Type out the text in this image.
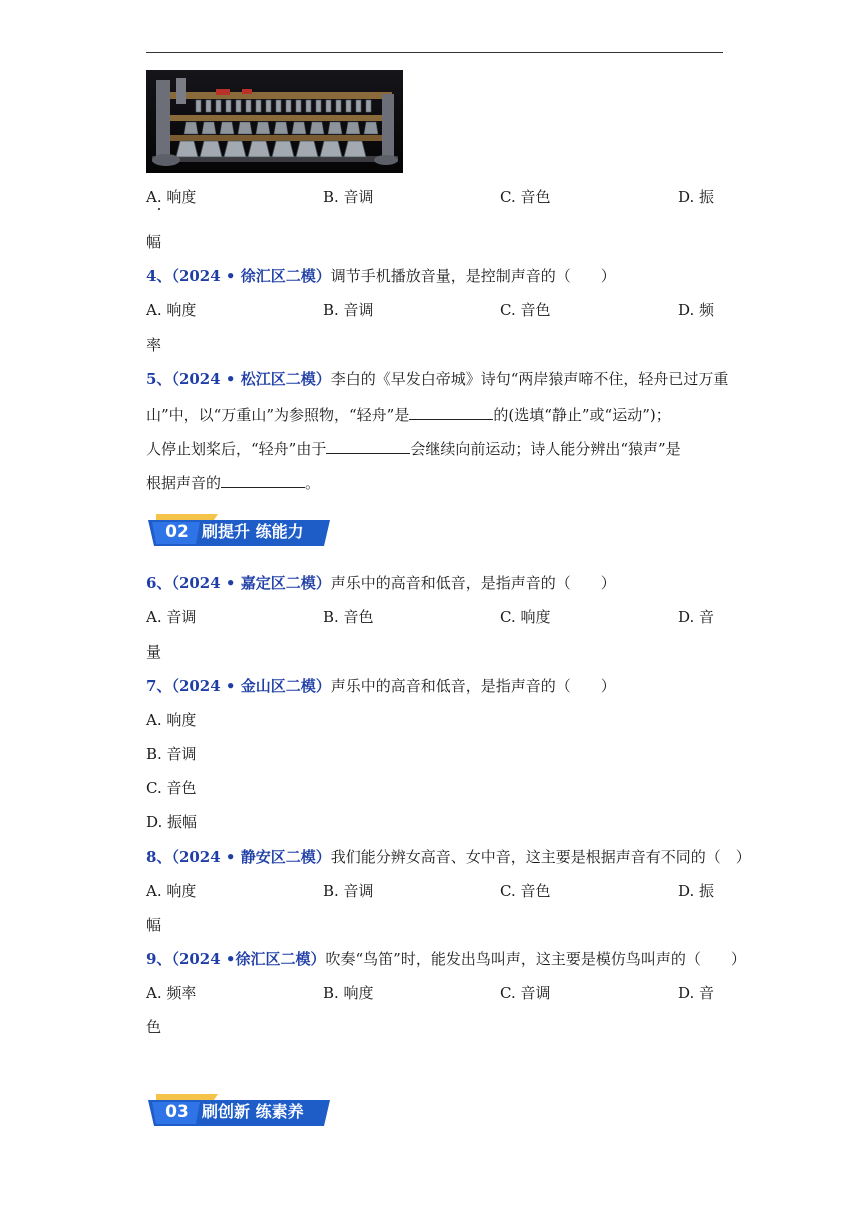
A. 响度	B. 音调	C. 音色	D. 振
幅
4、（2024 • 徐汇区二模）调节手机播放音量，是控制声音的（　　）
A. 响度	B. 音调	C. 音色	D. 频
率
5、（2024 • 松江区二模）李白的《早发白帝城》诗句“两岸猿声啼不住，轻舟已过万重
山”中，以“万重山”为参照物，“轻舟”是	的(选填“静止”或“运动”)；
人停止划桨后，“轻舟”由于	会继续向前运动；诗人能分辨出“猿声”是
根据声音的	。
02 刷提升 练能力
6、（2024 • 嘉定区二模）声乐中的高音和低音，是指声音的（　　）
A. 音调	B. 音色	C. 响度	D. 音
量
7、（2024 • 金山区二模）声乐中的高音和低音，是指声音的（　　）
A. 响度
B. 音调
C. 音色
D. 振幅
8、（2024 • 静安区二模）我们能分辨女高音、女中音，这主要是根据声音有不同的（　）
A. 响度	B. 音调	C. 音色	D. 振
幅
9、（2024 •徐汇区二模）吹奏“鸟笛”时，能发出鸟叫声，这主要是模仿鸟叫声的（　　）
A. 频率	B. 响度	C. 音调	D. 音
色
03 刷创新 练素养
